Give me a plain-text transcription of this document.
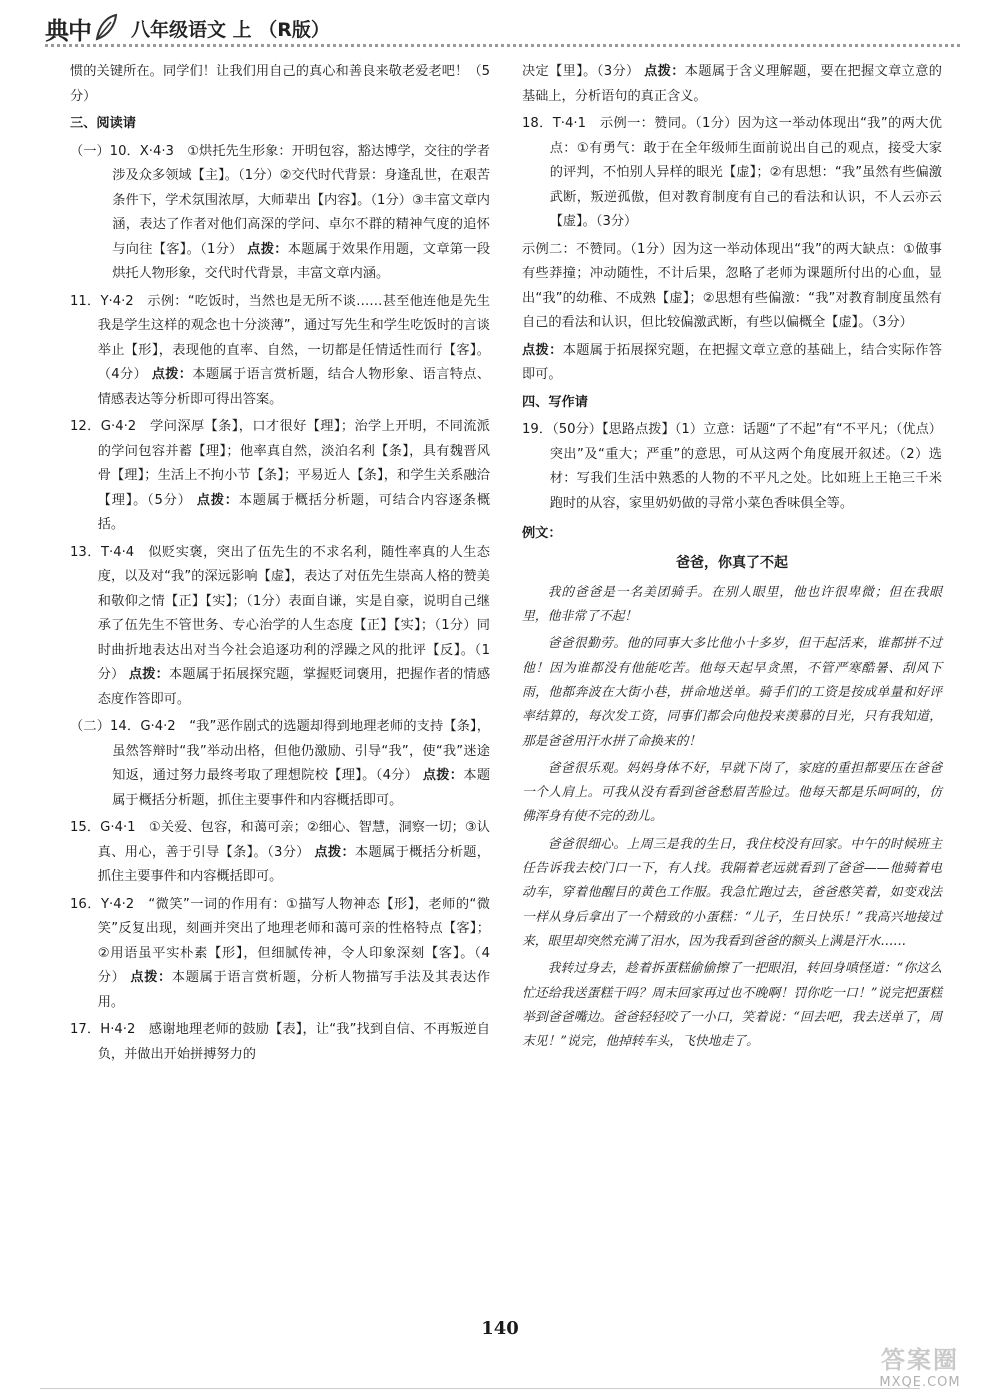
典中 八年级语文 上 （R版）

惯的关键所在。同学们！让我们用自己的真心和善良来敬老爱老吧！（5分）

三、阅读请

（一）10．X·4·3　①烘托先生形象：开明包容，豁达博学，交往的学者涉及众多领域【主】。（1分）②交代时代背景：身逢乱世，在艰苦条件下，学术氛围浓厚，大师辈出【内容】。（1分）③丰富文章内涵，表达了作者对他们高深的学问、卓尔不群的精神气度的追怀与向往【客】。（1分） 点拨：本题属于效果作用题，文章第一段烘托人物形象，交代时代背景，丰富文章内涵。

11．Y·4·2　示例：“吃饭时，当然也是无所不谈……甚至他连他是先生我是学生这样的观念也十分淡薄”，通过写先生和学生吃饭时的言谈举止【形】，表现他的直率、自然，一切都是任情适性而行【客】。（4分） 点拨：本题属于语言赏析题，结合人物形象、语言特点、情感表达等分析即可得出答案。

12．G·4·2　学问深厚【条】，口才很好【理】；治学上开明，不同流派的学问包容并蓄【理】；他率真自然，淡泊名利【条】，具有魏晋风骨【理】；生活上不拘小节【条】；平易近人【条】，和学生关系融洽【理】。（5分） 点拨：本题属于概括分析题，可结合内容逐条概括。

13．T·4·4　似贬实褒，突出了伍先生的不求名利，随性率真的人生态度，以及对“我”的深远影响【虚】，表达了对伍先生崇高人格的赞美和敬仰之情【正】【实】；（1分）表面自谦，实是自豪，说明自己继承了伍先生不管世务、专心治学的人生态度【正】【实】；（1分）同时曲折地表达出对当今社会追逐功利的浮躁之风的批评【反】。（1分） 点拨：本题属于拓展探究题，掌握贬词褒用，把握作者的情感态度作答即可。

（二）14．G·4·2　“我”恶作剧式的选题却得到地理老师的支持【条】，虽然答辩时“我”举动出格，但他仍激励、引导“我”，使“我”迷途知返，通过努力最终考取了理想院校【理】。（4分） 点拨：本题属于概括分析题，抓住主要事件和内容概括即可。

15．G·4·1　①关爱、包容，和蔼可亲；②细心、智慧，洞察一切；③认真、用心，善于引导【条】。（3分） 点拨：本题属于概括分析题，抓住主要事件和内容概括即可。

16．Y·4·2　“微笑”一词的作用有：①描写人物神态【形】，老师的“微笑”反复出现，刻画并突出了地理老师和蔼可亲的性格特点【客】；②用语虽平实朴素【形】，但细腻传神，令人印象深刻【客】。（4分） 点拨：本题属于语言赏析题，分析人物描写手法及其表达作用。

17．H·4·2　感谢地理老师的鼓励【表】，让“我”找到自信、不再叛逆自负，并做出开始拼搏努力的

决定【里】。（3分） 点拨：本题属于含义理解题，要在把握文章立意的基础上，分析语句的真正含义。

18．T·4·1　示例一：赞同。（1分）因为这一举动体现出“我”的两大优点：①有勇气：敢于在全年级师生面前说出自己的观点，接受大家的评判，不怕别人异样的眼光【虚】；②有思想：“我”虽然有些偏激武断，叛逆孤傲，但对教育制度有自己的看法和认识，不人云亦云【虚】。（3分）

示例二：不赞同。（1分）因为这一举动体现出“我”的两大缺点：①做事有些莽撞；冲动随性，不计后果，忽略了老师为课题所付出的心血，显出“我”的幼稚、不成熟【虚】；②思想有些偏激：“我”对教育制度虽然有自己的看法和认识，但比较偏激武断，有些以偏概全【虚】。（3分）

点拨：本题属于拓展探究题，在把握文章立意的基础上，结合实际作答即可。

四、写作请

19．（50分）【思路点拨】（1）立意：话题“了不起”有“不平凡；（优点）突出”及“重大；严重”的意思，可从这两个角度展开叙述。（2）选材：写我们生活中熟悉的人物的不平凡之处。比如班上王艳三千米跑时的从容，家里奶奶做的寻常小菜色香味俱全等。

例文：

爸爸，你真了不起

我的爸爸是一名美团骑手。在别人眼里，他也许很卑微；但在我眼里，他非常了不起！

爸爸很勤劳。他的同事大多比他小十多岁，但干起活来，谁都拼不过他！因为谁都没有他能吃苦。他每天起早贪黑，不管严寒酷暑、刮风下雨，他都奔波在大街小巷，拼命地送单。骑手们的工资是按成单量和好评率结算的，每次发工资，同事们都会向他投来羡慕的目光，只有我知道，那是爸爸用汗水拼了命换来的！

爸爸很乐观。妈妈身体不好，早就下岗了，家庭的重担都要压在爸爸一个人肩上。可我从没有看到爸爸愁眉苦脸过。他每天都是乐呵呵的，仿佛浑身有使不完的劲儿。

爸爸很细心。上周三是我的生日，我住校没有回家。中午的时候班主任告诉我去校门口一下，有人找。我隔着老远就看到了爸爸——他骑着电动车，穿着他醒目的黄色工作服。我急忙跑过去，爸爸憨笑着，如变戏法一样从身后拿出了一个精致的小蛋糕：“儿子，生日快乐！”我高兴地接过来，眼里却突然充满了泪水，因为我看到爸爸的额头上满是汗水……

我转过身去，趁着拆蛋糕偷偷擦了一把眼泪，转回身嗔怪道：“你这么忙还给我送蛋糕干吗？周末回家再过也不晚啊！罚你吃一口！”说完把蛋糕举到爸爸嘴边。爸爸轻轻咬了一小口，笑着说：“回去吧，我去送单了，周末见！”说完，他掉转车头，飞快地走了。

140
答案圈
MXQE.COM
